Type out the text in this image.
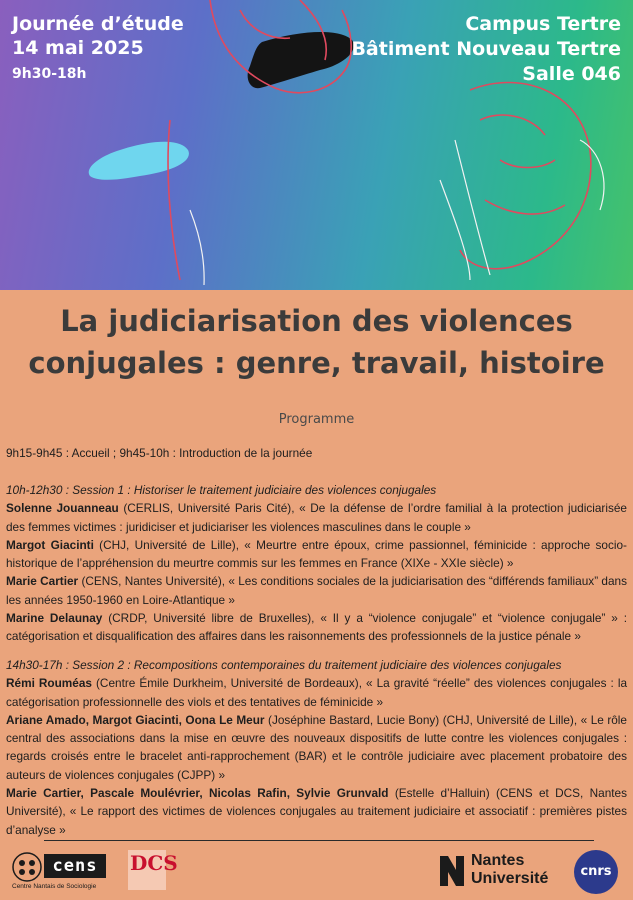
Journée d’étude
14 mai 2025
9h30-18h
Campus Tertre
Bâtiment Nouveau Tertre
Salle 046
La judiciarisation des violences
conjugales : genre, travail, histoire
Programme
9h15-9h45 : Accueil ; 9h45-10h : Introduction de la journée
10h-12h30 : Session 1 : Historiser le traitement judiciaire des violences conjugales
Solenne Jouanneau (CERLIS, Université Paris Cité), « De la défense de l’ordre familial à la protection judiciarisée des femmes victimes : juridiciser et judiciariser les violences masculines dans le couple »
Margot Giacinti (CHJ, Université de Lille), « Meurtre entre époux, crime passionnel, féminicide : approche socio-historique de l’appréhension du meurtre commis sur les femmes en France (XIXe - XXIe siècle) »
Marie Cartier (CENS, Nantes Université), « Les conditions sociales de la judiciarisation des “différends familiaux” dans les années 1950-1960 en Loire-Atlantique »
Marine Delaunay (CRDP, Université libre de Bruxelles), « Il y a “violence conjugale” et “violence conjugale” » : catégorisation et disqualification des affaires dans les raisonnements des professionnels de la justice pénale »
14h30-17h : Session 2 : Recompositions contemporaines du traitement judiciaire des violences conjugales
Rémi Rouméas (Centre Émile Durkheim, Université de Bordeaux), « La gravité “réelle” des violences conjugales : la catégorisation professionnelle des viols et des tentatives de féminicide »
Ariane Amado, Margot Giacinti, Oona Le Meur (Joséphine Bastard, Lucie Bony) (CHJ, Université de Lille), « Le rôle central des associations dans la mise en œuvre des nouveaux dispositifs de lutte contre les violences conjugales : regards croisés entre le bracelet anti-rapprochement (BAR) et le contrôle judiciaire avec placement probatoire des auteurs de violences conjugales (CJPP) »
Marie Cartier, Pascale Moulévrier, Nicolas Rafin, Sylvie Grunvald (Estelle d’Halluin) (CENS et DCS, Nantes Université), « Le rapport des victimes de violences conjugales au traitement judiciaire et associatif : premières pistes d’analyse »
cens
Centre Nantais de Sociologie
DCS	Nantes
Université	cnrs
